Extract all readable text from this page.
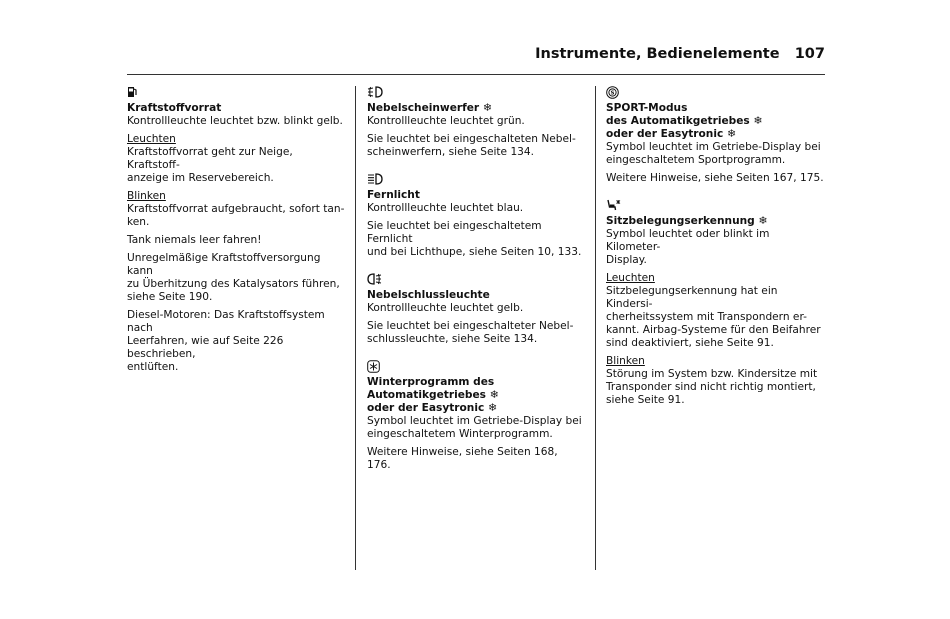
Instrumente, Bedienelemente 107
Kraftstoffvorrat
Kontrollleuchte leuchtet bzw. blinkt gelb.
Leuchten
Kraftstoffvorrat geht zur Neige, Kraftstoff-
anzeige im Reservebereich.
Blinken
Kraftstoffvorrat aufgebraucht, sofort tan-
ken.
Tank niemals leer fahren!
Unregelmäßige Kraftstoffversorgung kann
zu Überhitzung des Katalysators führen,
siehe Seite 190.
Diesel-Motoren: Das Kraftstoffsystem nach
Leerfahren, wie auf Seite 226 beschrieben,
entlüften.
Nebelscheinwerfer ❄
Kontrollleuchte leuchtet grün.
Sie leuchtet bei eingeschalteten Nebel-
scheinwerfern, siehe Seite 134.
Fernlicht
Kontrollleuchte leuchtet blau.
Sie leuchtet bei eingeschaltetem Fernlicht
und bei Lichthupe, siehe Seiten 10, 133.
Nebelschlussleuchte
Kontrollleuchte leuchtet gelb.
Sie leuchtet bei eingeschalteter Nebel-
schlussleuchte, siehe Seite 134.
Winterprogramm des
Automatikgetriebes ❄
oder der Easytronic ❄
Symbol leuchtet im Getriebe-Display bei
eingeschaltetem Winterprogramm.
Weitere Hinweise, siehe Seiten 168, 176.
S
SPORT-Modus
des Automatikgetriebes ❄
oder der Easytronic ❄
Symbol leuchtet im Getriebe-Display bei
eingeschaltetem Sportprogramm.
Weitere Hinweise, siehe Seiten 167, 175.
Sitzbelegungserkennung ❄
Symbol leuchtet oder blinkt im Kilometer-
Display.
Leuchten
Sitzbelegungserkennung hat ein Kindersi-
cherheitssystem mit Transpondern er-
kannt. Airbag-Systeme für den Beifahrer
sind deaktiviert, siehe Seite 91.
Blinken
Störung im System bzw. Kindersitze mit
Transponder sind nicht richtig montiert,
siehe Seite 91.
